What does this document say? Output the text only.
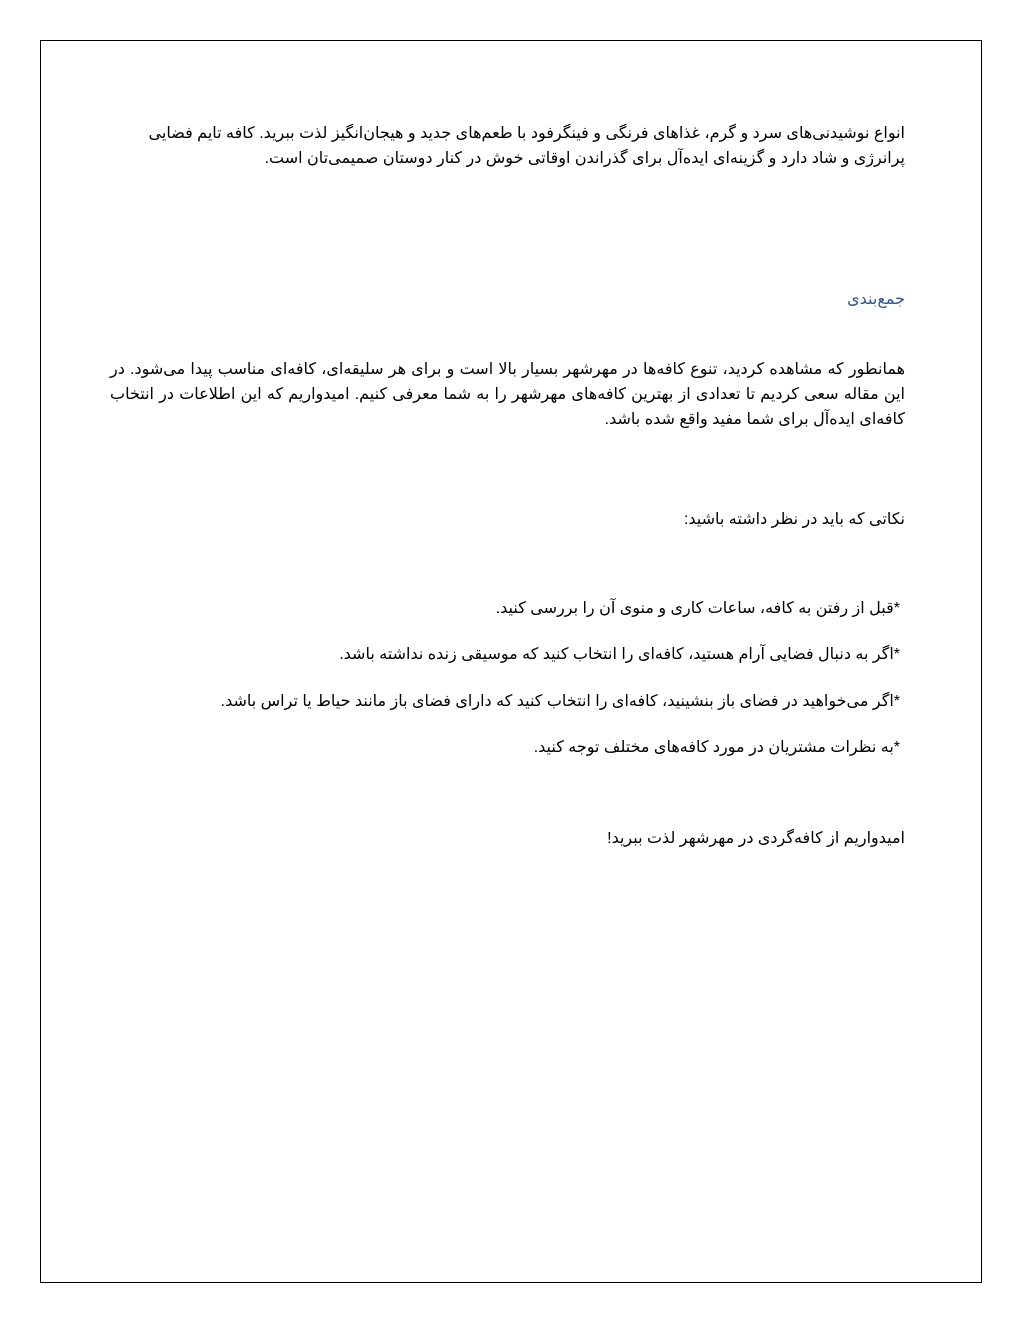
انواع نوشیدنی‌های سرد و گرم، غذاهای فرنگی و فینگرفود با طعم‌های جدید و هیجان‌انگیز لذت ببرید. کافه تایم فضایی پرانرژی و شاد دارد و گزینه‌ای ایده‌آل برای گذراندن اوقاتی خوش در کنار دوستان صمیمی‌تان است.

جمع‌بندی

همانطور که مشاهده کردید، تنوع کافه‌ها در مهرشهر بسیار بالا است و برای هر سلیقه‌ای، کافه‌ای مناسب پیدا می‌شود. در این مقاله سعی کردیم تا تعدادی از بهترین کافه‌های مهرشهر را به شما معرفی کنیم. امیدواریم که این اطلاعات در انتخاب کافه‌ای ایده‌آل برای شما مفید واقع شده باشد.

نکاتی که باید در نظر داشته باشید:

*قبل از رفتن به کافه، ساعات کاری و منوی آن را بررسی کنید.

*اگر به دنبال فضایی آرام هستید، کافه‌ای را انتخاب کنید که موسیقی زنده نداشته باشد.

*اگر می‌خواهید در فضای باز بنشینید، کافه‌ای را انتخاب کنید که دارای فضای باز مانند حیاط یا تراس باشد.

*به نظرات مشتریان در مورد کافه‌های مختلف توجه کنید.

امیدواریم از کافه‌گردی در مهرشهر لذت ببرید!
